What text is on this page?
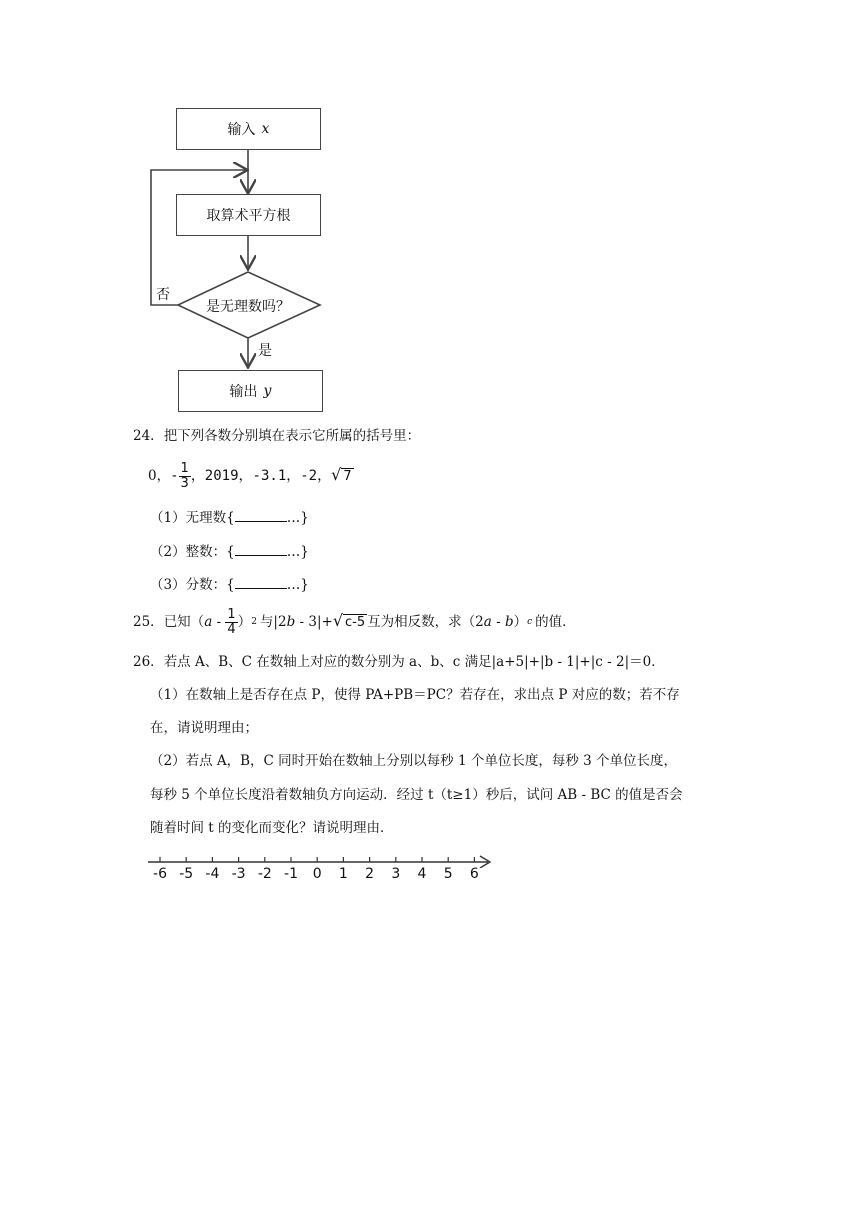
输入 x
取算术平方根
是无理数吗？
否
是
输出 y
24．把下列各数分别填在表示它所属的括号里：
0， - $\frac{1}{3}$ ，2019，-3.1，-2， √ 7
（1）无理数{	…}
（2）整数：{	…}
（3）分数：{	…}
25． 已知（ a - $\frac{1}{4}$ ） 2 与|2 b - 3|+ √ c-5 互为相反数，求（2 a - b ） c 的值．
26．若点 A、B、C 在数轴上对应的数分别为 a、b、c 满足|a+5|+|b - 1|+|c - 2|＝0．
（1）在数轴上是否存在点 P，使得 PA+PB＝PC？若存在，求出点 P 对应的数；若不存
在，请说明理由；
（2）若点 A，B，C 同时开始在数轴上分别以每秒 1 个单位长度，每秒 3 个单位长度，
每秒 5 个单位长度沿着数轴负方向运动．经过 t（t≥1）秒后，试问 AB - BC 的值是否会
随着时间 t 的变化而变化？请说明理由．
-6 -5 -4 -3 -2 -1 0 1 2 3 4 5 6
